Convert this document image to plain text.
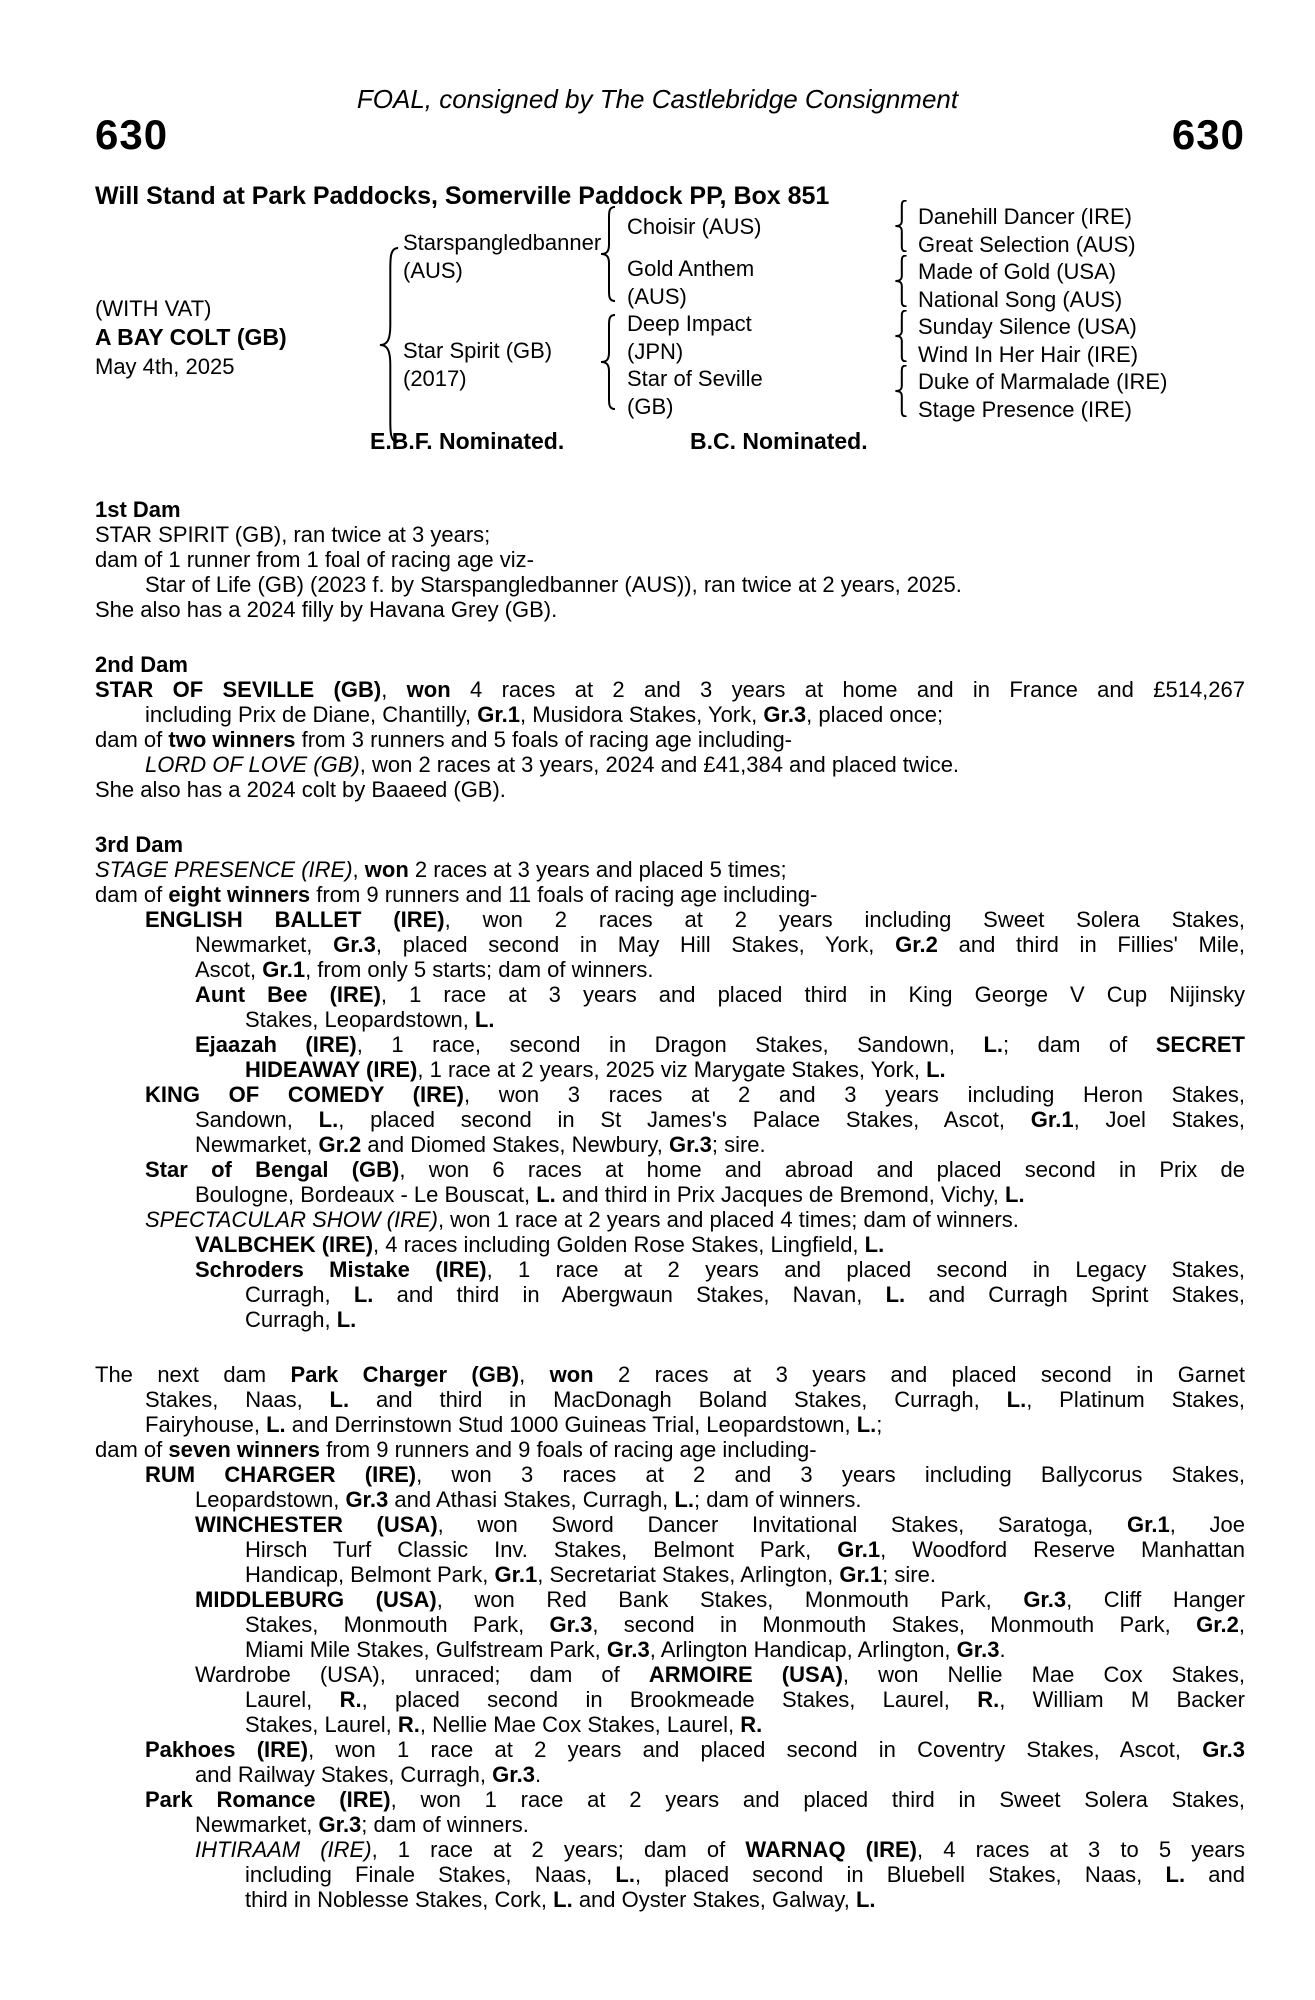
FOAL, consigned by The Castlebridge Consignment
630	630
Will Stand at Park Paddocks, Somerville Paddock PP, Box 851
(WITH VAT)
A BAY COLT (GB)
May 4th, 2025
Starspangledbanner
(AUS)
Star Spirit (GB)
(2017)
Choisir (AUS)
Gold Anthem
(AUS)
Deep Impact
(JPN)
Star of Seville
(GB)
Danehill Dancer (IRE)
Great Selection (AUS)
Made of Gold (USA)
National Song (AUS)
Sunday Silence (USA)
Wind In Her Hair (IRE)
Duke of Marmalade (IRE)
Stage Presence (IRE)
E.B.F. Nominated.	B.C. Nominated.
1st Dam
STAR SPIRIT (GB), ran twice at 3 years;
dam of 1 runner from 1 foal of racing age viz-
Star of Life (GB) (2023 f. by Starspangledbanner (AUS)), ran twice at 2 years, 2025.
She also has a 2024 filly by Havana Grey (GB).
2nd Dam
STAR OF SEVILLE (GB), won 4 races at 2 and 3 years at home and in France and £514,267
including Prix de Diane, Chantilly, Gr.1, Musidora Stakes, York, Gr.3, placed once;
dam of two winners from 3 runners and 5 foals of racing age including-
LORD OF LOVE (GB), won 2 races at 3 years, 2024 and £41,384 and placed twice.
She also has a 2024 colt by Baaeed (GB).
3rd Dam
STAGE PRESENCE (IRE), won 2 races at 3 years and placed 5 times;
dam of eight winners from 9 runners and 11 foals of racing age including-
ENGLISH BALLET (IRE), won 2 races at 2 years including Sweet Solera Stakes,
Newmarket, Gr.3, placed second in May Hill Stakes, York, Gr.2 and third in Fillies' Mile,
Ascot, Gr.1, from only 5 starts; dam of winners.
Aunt Bee (IRE), 1 race at 3 years and placed third in King George V Cup Nijinsky
Stakes, Leopardstown, L.
Ejaazah (IRE), 1 race, second in Dragon Stakes, Sandown, L.; dam of SECRET
HIDEAWAY (IRE), 1 race at 2 years, 2025 viz Marygate Stakes, York, L.
KING OF COMEDY (IRE), won 3 races at 2 and 3 years including Heron Stakes,
Sandown, L., placed second in St James's Palace Stakes, Ascot, Gr.1, Joel Stakes,
Newmarket, Gr.2 and Diomed Stakes, Newbury, Gr.3; sire.
Star of Bengal (GB), won 6 races at home and abroad and placed second in Prix de
Boulogne, Bordeaux - Le Bouscat, L. and third in Prix Jacques de Bremond, Vichy, L.
SPECTACULAR SHOW (IRE), won 1 race at 2 years and placed 4 times; dam of winners.
VALBCHEK (IRE), 4 races including Golden Rose Stakes, Lingfield, L.
Schroders Mistake (IRE), 1 race at 2 years and placed second in Legacy Stakes,
Curragh, L. and third in Abergwaun Stakes, Navan, L. and Curragh Sprint Stakes,
Curragh, L.
The next dam Park Charger (GB), won 2 races at 3 years and placed second in Garnet
Stakes, Naas, L. and third in MacDonagh Boland Stakes, Curragh, L., Platinum Stakes,
Fairyhouse, L. and Derrinstown Stud 1000 Guineas Trial, Leopardstown, L.;
dam of seven winners from 9 runners and 9 foals of racing age including-
RUM CHARGER (IRE), won 3 races at 2 and 3 years including Ballycorus Stakes,
Leopardstown, Gr.3 and Athasi Stakes, Curragh, L.; dam of winners.
WINCHESTER (USA), won Sword Dancer Invitational Stakes, Saratoga, Gr.1, Joe
Hirsch Turf Classic Inv. Stakes, Belmont Park, Gr.1, Woodford Reserve Manhattan
Handicap, Belmont Park, Gr.1, Secretariat Stakes, Arlington, Gr.1; sire.
MIDDLEBURG (USA), won Red Bank Stakes, Monmouth Park, Gr.3, Cliff Hanger
Stakes, Monmouth Park, Gr.3, second in Monmouth Stakes, Monmouth Park, Gr.2,
Miami Mile Stakes, Gulfstream Park, Gr.3, Arlington Handicap, Arlington, Gr.3.
Wardrobe (USA), unraced; dam of ARMOIRE (USA), won Nellie Mae Cox Stakes,
Laurel, R., placed second in Brookmeade Stakes, Laurel, R., William M Backer
Stakes, Laurel, R., Nellie Mae Cox Stakes, Laurel, R.
Pakhoes (IRE), won 1 race at 2 years and placed second in Coventry Stakes, Ascot, Gr.3
and Railway Stakes, Curragh, Gr.3.
Park Romance (IRE), won 1 race at 2 years and placed third in Sweet Solera Stakes,
Newmarket, Gr.3; dam of winners.
IHTIRAAM (IRE), 1 race at 2 years; dam of WARNAQ (IRE), 4 races at 3 to 5 years
including Finale Stakes, Naas, L., placed second in Bluebell Stakes, Naas, L. and
third in Noblesse Stakes, Cork, L. and Oyster Stakes, Galway, L.
